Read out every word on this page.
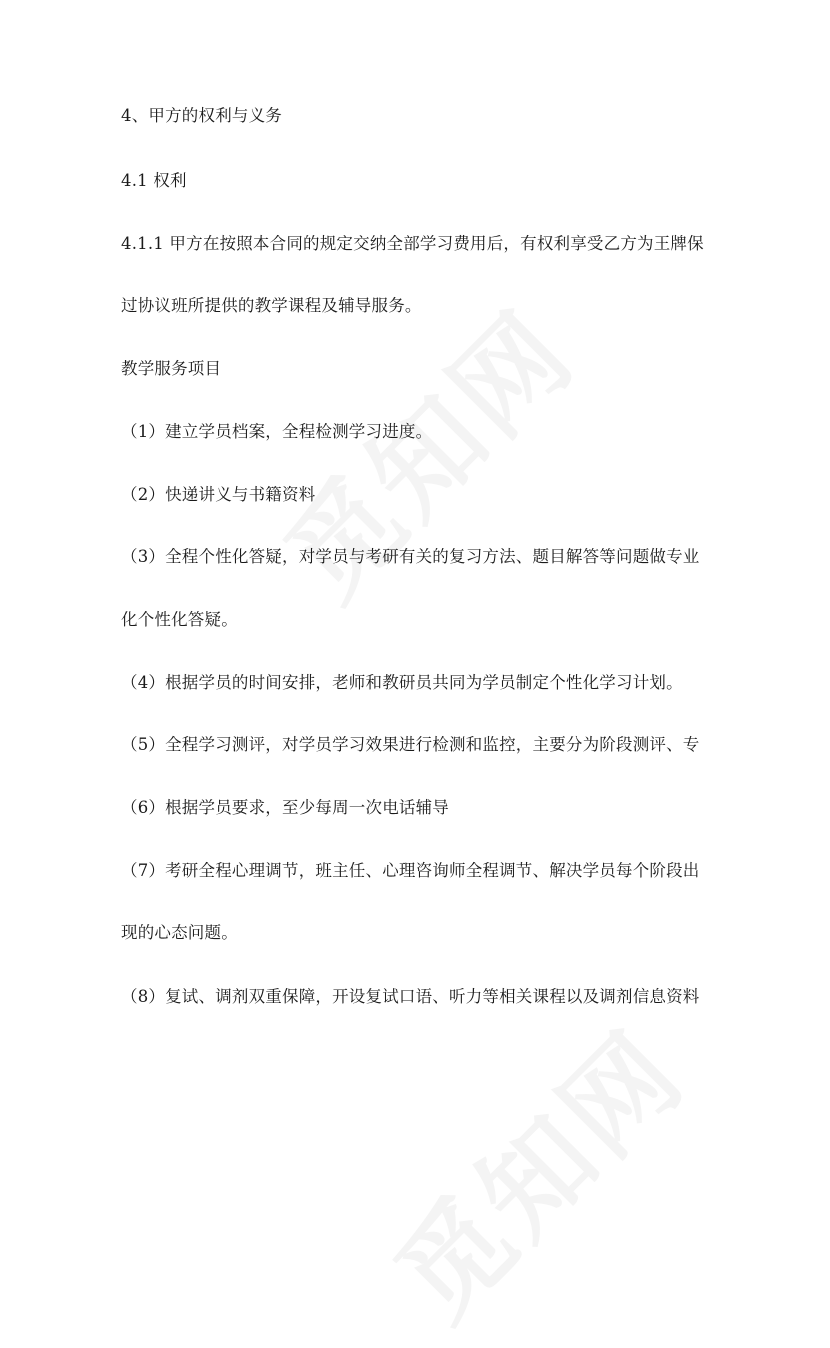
4、甲方的权利与义务
4.1 权利
4.1.1 甲方在按照本合同的规定交纳全部学习费用后，有权利享受乙方为王牌保
过协议班所提供的教学课程及辅导服务。
教学服务项目
（1）建立学员档案，全程检测学习进度。
（2）快递讲义与书籍资料
（3）全程个性化答疑，对学员与考研有关的复习方法、题目解答等问题做专业
化个性化答疑。
（4）根据学员的时间安排，老师和教研员共同为学员制定个性化学习计划。
（5）全程学习测评，对学员学习效果进行检测和监控，主要分为阶段测评、专
（6）根据学员要求，至少每周一次电话辅导
（7）考研全程心理调节，班主任、心理咨询师全程调节、解决学员每个阶段出
现的心态问题。
（8）复试、调剂双重保障，开设复试口语、听力等相关课程以及调剂信息资料
